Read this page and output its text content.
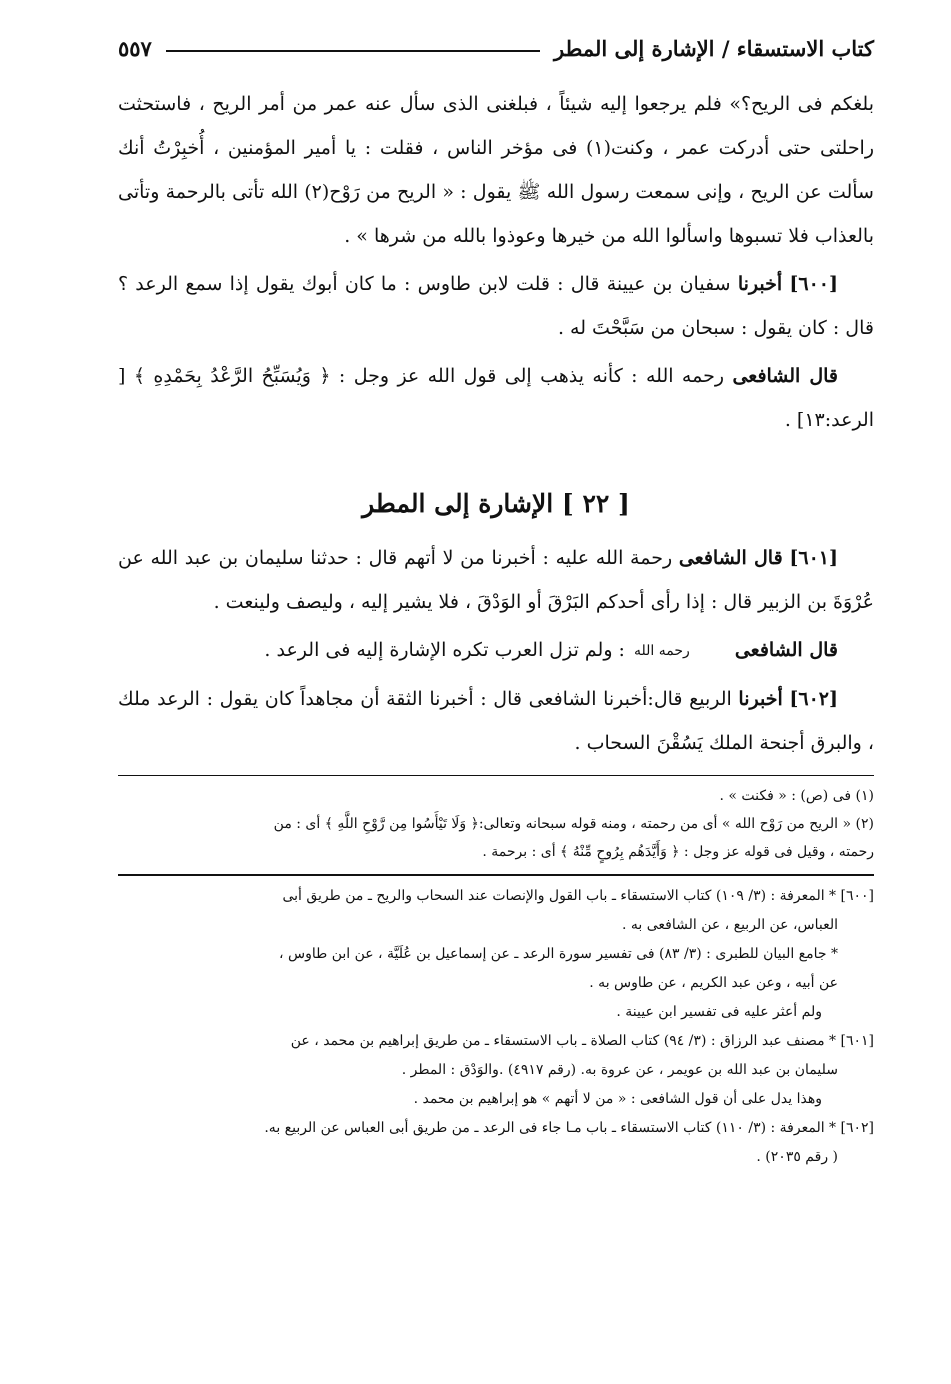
كتاب الاستسقاء / الإشارة إلى المطر
٥٥٧

بلغكم فى الريح؟» فلم يرجعوا إليه شيئاً ، فبلغنى الذى سأل عنه عمر من أمر الريح ، فاستحثت راحلتى حتى أدركت عمر ، وكنت(١) فى مؤخر الناس ، فقلت : يا أمير المؤمنين ، أُخبِرْتُ أنك سألت عن الريح ، وإنى سمعت رسول الله ﷺ يقول : « الريح من رَوْح(٢) الله تأتى بالرحمة وتأتى بالعذاب فلا تسبوها واسألوا الله من خيرها وعوذوا بالله من شرها » .

[٦٠٠] أخبرنا سفيان بن عيينة قال : قلت لابن طاوس : ما كان أبوك يقول إذا سمع الرعد ؟ قال : كان يقول : سبحان من سَبَّحْتَ له .

قال الشافعى رحمه الله : كأنه يذهب إلى قول الله عز وجل : ﴿ وَيُسَبِّحُ الرَّعْدُ بِحَمْدِهِ ﴾ [ الرعد:١٣] .

[ ٢٢ ] الإشارة إلى المطر

[٦٠١] قال الشافعى رحمة الله عليه : أخبرنا من لا أتهم قال : حدثنا سليمان بن عبد الله عن عُرْوَةَ بن الزبير قال : إذا رأى أحدكم البَرْقَ أو الوَدْقَ ، فلا يشير إليه ، وليصف ولينعت .

قال الشافعى رحمه الله : ولم تزل العرب تكره الإشارة إليه فى الرعد .

[٦٠٢] أخبرنا الربيع قال:أخبرنا الشافعى قال : أخبرنا الثقة أن مجاهداً كان يقول : الرعد ملك ، والبرق أجنحة الملك يَسُقْنَ السحاب .

(١) فى (ص) : « فكنت » .

(٢) « الريح من رَوْح الله » أى من رحمته ، ومنه قوله سبحانه وتعالى:﴿ وَلَا تَيْأَسُوا مِن رَّوْحِ اللَّهِ ﴾ أى : من

رحمته ، وقيل فى قوله عز وجل : ﴿ وَأَيَّدَهُم بِرُوحٍ مِّنْهُ ﴾ أى : برحمة .

[٦٠٠] * المعرفة : (٣/ ١٠٩) كتاب الاستسقاء ـ باب القول والإنصات عند السحاب والريح ـ من طريق أبى

العباس، عن الربيع ، عن الشافعى به .

* جامع البيان للطبرى : (٣/ ٨٣) فى تفسير سورة الرعد ـ عن إسماعيل بن عُلَيَّة ، عن ابن طاوس ،

عن أبيه ، وعن عبد الكريم ، عن طاوس به .

ولم أعثر عليه فى تفسير ابن عيينة .

[٦٠١] * مصنف عبد الرزاق : (٣/ ٩٤) كتاب الصلاة ـ باب الاستسقاء ـ من طريق إبراهيم بن محمد ، عن

سليمان بن عبد الله بن عويمر ، عن عروة به. (رقم ٤٩١٧) .والوَدْق : المطر .

وهذا يدل على أن قول الشافعى : « من لا أتهم » هو إبراهيم بن محمد .

[٦٠٢] * المعرفة : (٣/ ١١٠) كتاب الاستسقاء ـ باب مـا جاء فى الرعد ـ من طريق أبى العباس عن الربيع به.

( رقم ٢٠٣٥) .
